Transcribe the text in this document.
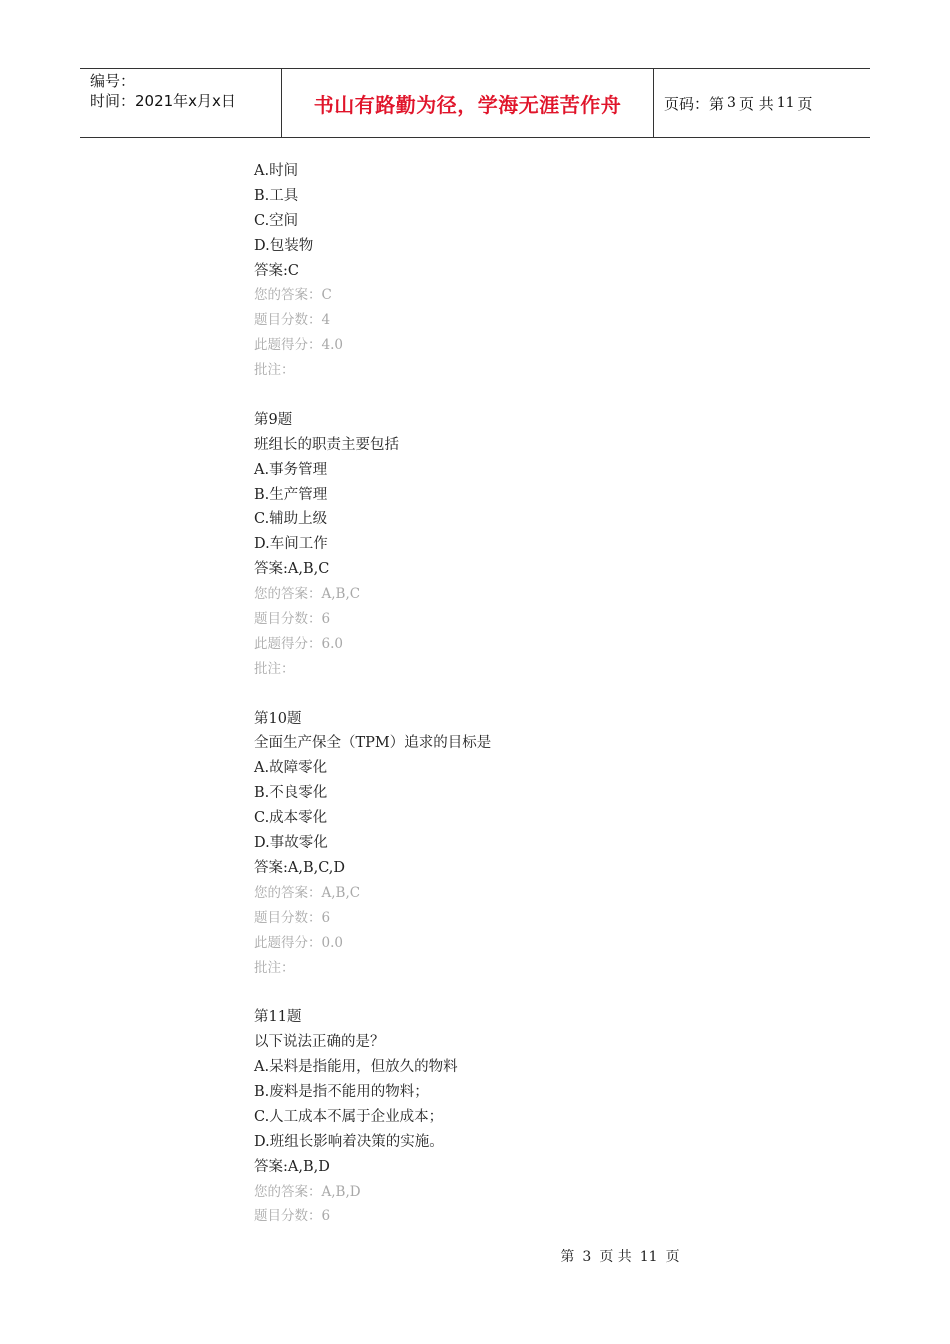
编号：
时间：2021年x月x日	书山有路勤为径，学海无涯苦作舟	页码：第 3 页 共 11 页
A.时间
B.工具
C.空间
D.包装物
答案:C
您的答案：C
题目分数：4
此题得分：4.0
批注：
第9题
班组长的职责主要包括
A.事务管理
B.生产管理
C.辅助上级
D.车间工作
答案:A,B,C
您的答案：A,B,C
题目分数：6
此题得分：6.0
批注：
第10题
全面生产保全（TPM）追求的目标是
A.故障零化
B.不良零化
C.成本零化
D.事故零化
答案:A,B,C,D
您的答案：A,B,C
题目分数：6
此题得分：0.0
批注：
第11题
以下说法正确的是？
A.呆料是指能用，但放久的物料
B.废料是指不能用的物料；
C.人工成本不属于企业成本；
D.班组长影响着决策的实施。
答案:A,B,D
您的答案：A,B,D
题目分数：6
第 3 页 共 11 页
